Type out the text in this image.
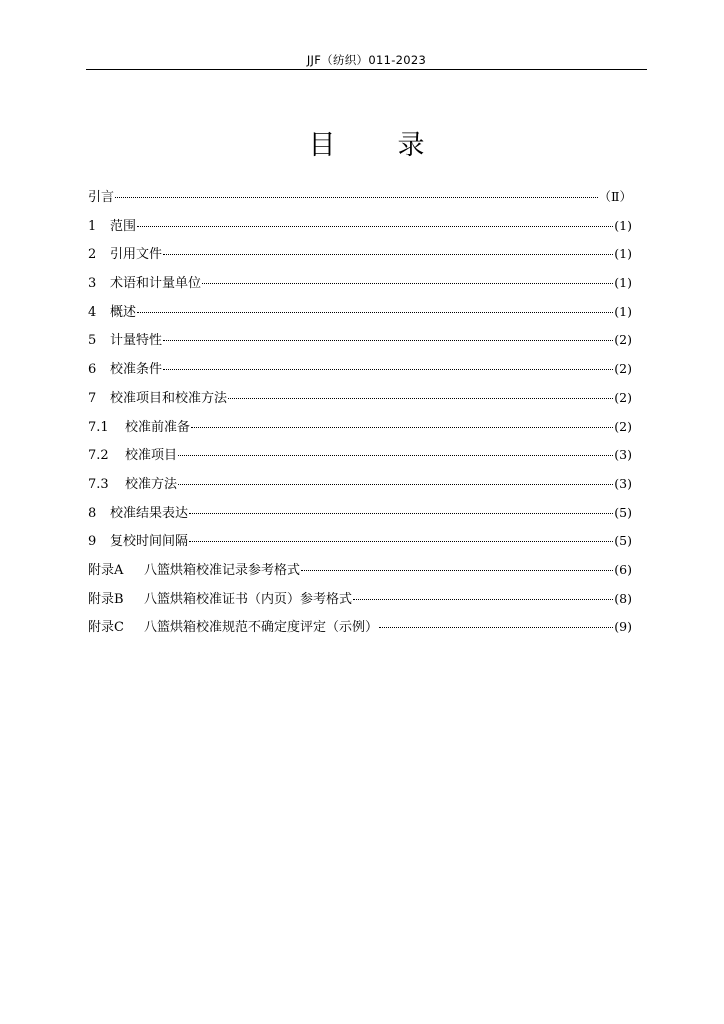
JJF（纺织）011-2023
目 录
引言	（Ⅱ）
1	范围	(1)
2	引用文件	(1)
3	术语和计量单位	(1)
4	概述	(1)
5	计量特性	(2)
6	校准条件	(2)
7	校准项目和校准方法	(2)
7.1	校准前准备	(2)
7.2	校准项目	(3)
7.3	校准方法	(3)
8	校准结果表达	(5)
9	复校时间间隔	(5)
附录A	八篮烘箱校准记录参考格式	(6)
附录B	八篮烘箱校准证书（内页）参考格式	(8)
附录C	八篮烘箱校准规范不确定度评定（示例）	(9)
